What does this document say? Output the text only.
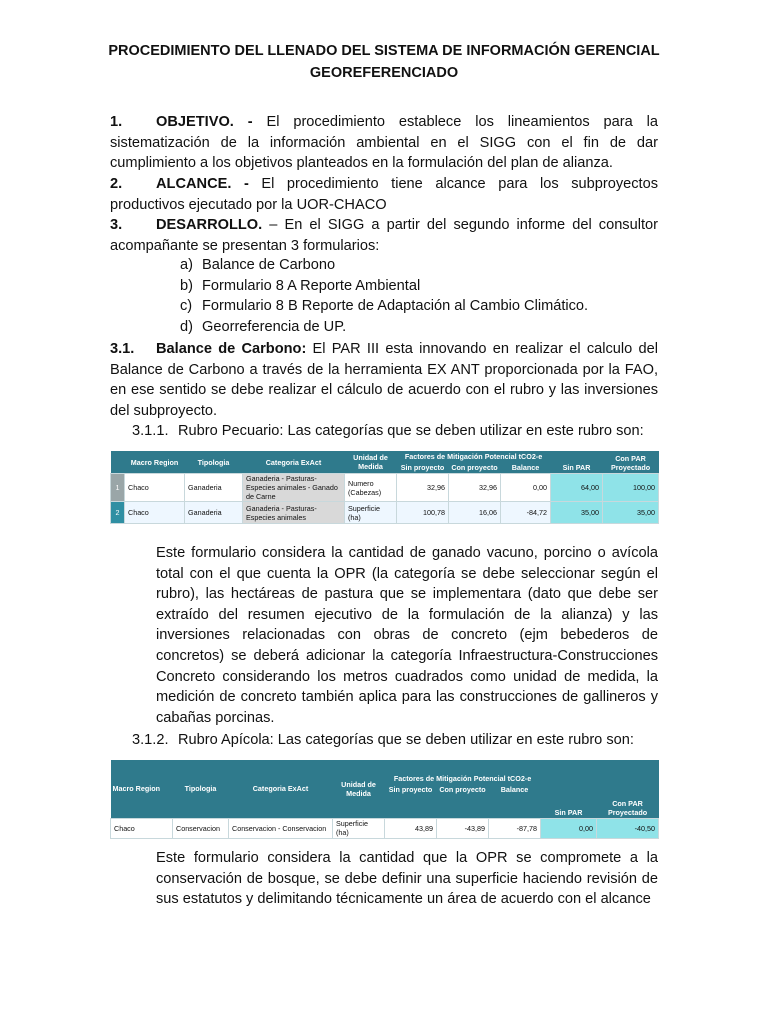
PROCEDIMIENTO DEL LLENADO DEL SISTEMA DE INFORMACIÓN GERENCIAL
GEOREFERENCIADO
1. OBJETIVO. - El procedimiento establece los lineamientos para la sistematización de la información ambiental en el SIGG con el fin de dar cumplimiento a los objetivos planteados en la formulación del plan de alianza.
2. ALCANCE. - El procedimiento tiene alcance para los subproyectos productivos ejecutado por la UOR-CHACO
3. DESARROLLO. – En el SIGG a partir del segundo informe del consultor acompañante se presentan 3 formularios:
a) Balance de Carbono
b) Formulario 8 A Reporte Ambiental
c) Formulario 8 B Reporte de Adaptación al Cambio Climático.
d) Georreferencia de UP.
3.1. Balance de Carbono: El PAR III esta innovando en realizar el calculo del Balance de Carbono a través de la herramienta EX ANT proporcionada por la FAO, en ese sentido se debe realizar el cálculo de acuerdo con el rubro y las inversiones del subproyecto.
3.1.1. Rubro Pecuario: Las categorías que se deben utilizar en este rubro son:
	Macro Region	Tipologia	Categoria ExAct	Unidad de Medida	Factores de Mitigación Potencial tCO2-e			Sin PAR	Con PAR Proyectado
					Sin proyecto	Con proyecto	Balance		
1	Chaco	Ganaderia	Ganaderia - Pasturas-Especies animales - Ganado de Carne	Numero (Cabezas)	32,96	32,96	0,00	64,00	100,00
2	Chaco	Ganaderia	Ganaderia - Pasturas-Especies animales	Superficie (ha)	100,78	16,06	-84,72	35,00	35,00
Este formulario considera la cantidad de ganado vacuno, porcino o avícola total con el que cuenta la OPR (la categoría se debe seleccionar según el rubro), las hectáreas de pastura que se implementara (dato que debe ser extraído del resumen ejecutivo de la formulación de la alianza) y las inversiones relacionadas con obras de concreto (ejm bebederos de concretos) se deberá adicionar la categoría Infraestructura-Construcciones Concreto considerando los metros cuadrados como unidad de medida, la medición de concreto también aplica para las construcciones de gallineros y cabañas porcinas.
3.1.2. Rubro Apícola: Las categorías que se deben utilizar en este rubro son:
Macro Region	Tipologia	Categoria ExAct	Unidad de Medida	Factores de Mitigación Potencial tCO2-e			Sin PAR	Con PAR Proyectado
				Sin proyecto	Con proyecto	Balance		
Chaco	Conservacion	Conservacion - Conservacion	Superficie (ha)	43,89	-43,89	-87,78	0,00	-40,50
Este formulario considera la cantidad que la OPR se compromete a la conservación de bosque, se debe definir una superficie haciendo revisión de sus estatutos y delimitando técnicamente un área de acuerdo con el alcance
